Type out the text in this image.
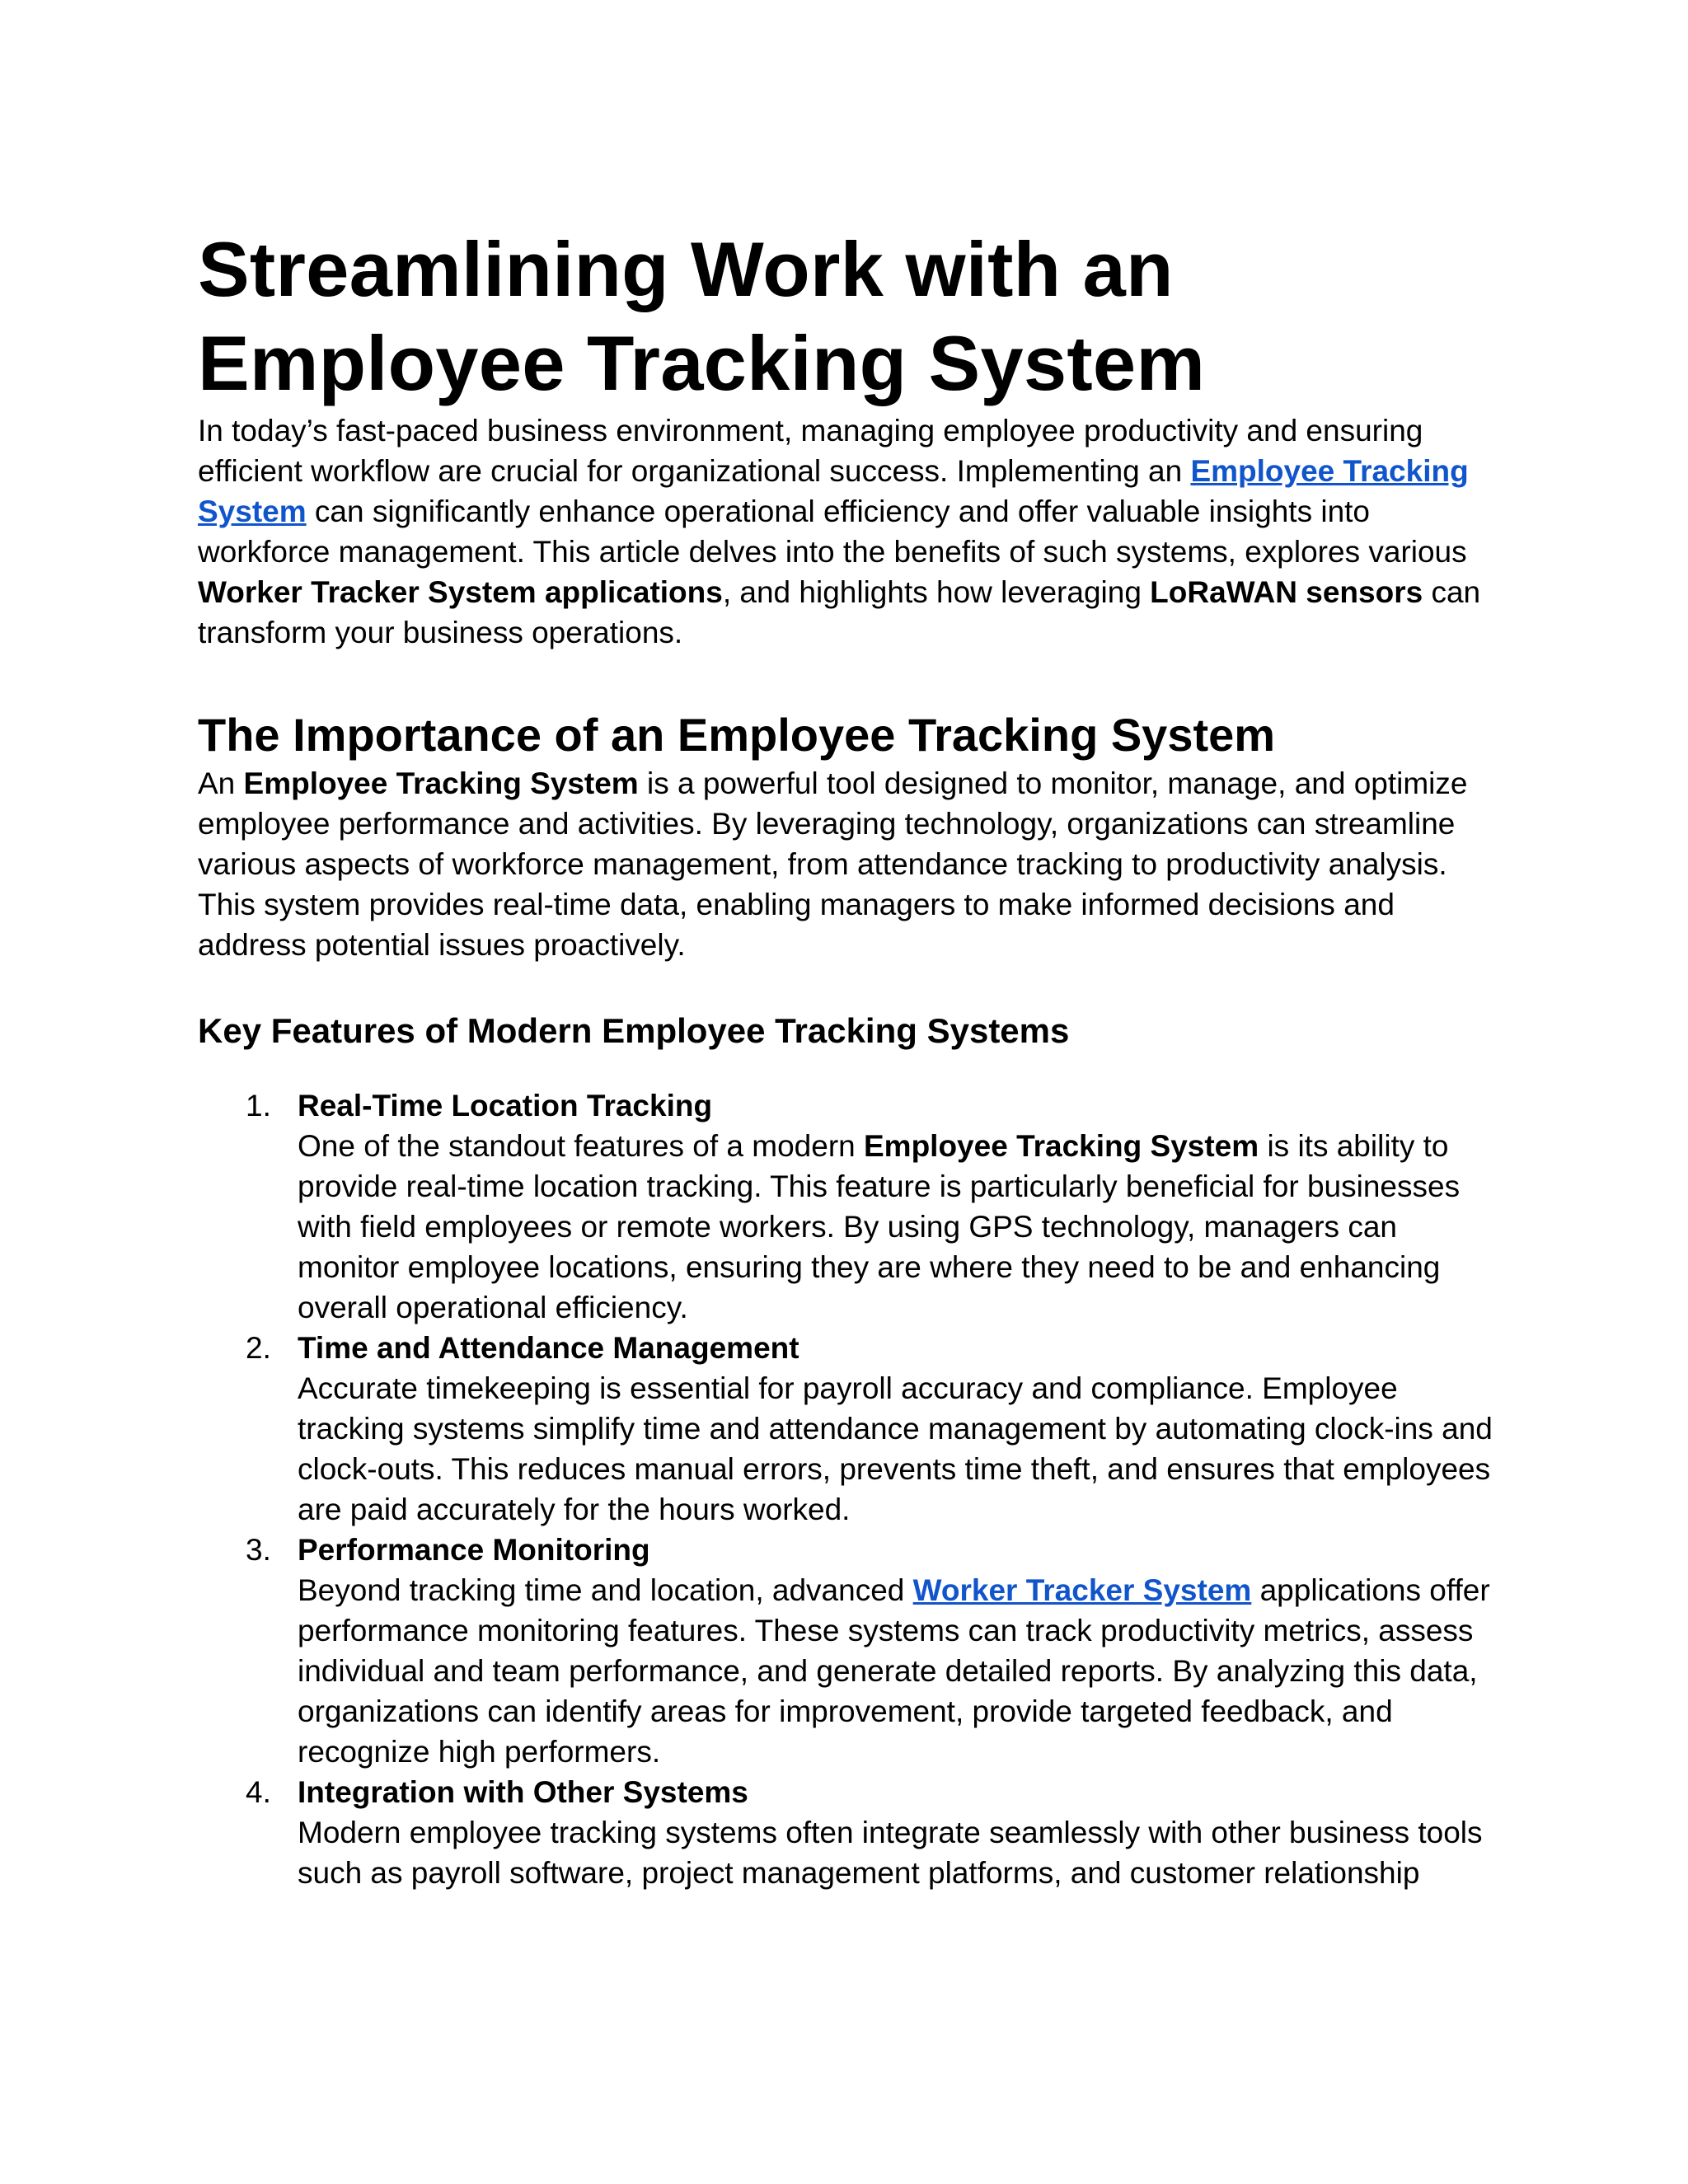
Streamlining Work with an Employee Tracking System

In today’s fast-paced business environment, managing employee productivity and ensuring efficient workflow are crucial for organizational success. Implementing an Employee Tracking System can significantly enhance operational efficiency and offer valuable insights into workforce management. This article delves into the benefits of such systems, explores various Worker Tracker System applications, and highlights how leveraging LoRaWAN sensors can transform your business operations.

The Importance of an Employee Tracking System

An Employee Tracking System is a powerful tool designed to monitor, manage, and optimize employee performance and activities. By leveraging technology, organizations can streamline various aspects of workforce management, from attendance tracking to productivity analysis. This system provides real-time data, enabling managers to make informed decisions and address potential issues proactively.

Key Features of Modern Employee Tracking Systems
1. Real-Time Location Tracking
One of the standout features of a modern Employee Tracking System is its ability to provide real-time location tracking. This feature is particularly beneficial for businesses with field employees or remote workers. By using GPS technology, managers can monitor employee locations, ensuring they are where they need to be and enhancing overall operational efficiency.
2. Time and Attendance Management
Accurate timekeeping is essential for payroll accuracy and compliance. Employee tracking systems simplify time and attendance management by automating clock-ins and clock-outs. This reduces manual errors, prevents time theft, and ensures that employees are paid accurately for the hours worked.
3. Performance Monitoring
Beyond tracking time and location, advanced Worker Tracker System applications offer performance monitoring features. These systems can track productivity metrics, assess individual and team performance, and generate detailed reports. By analyzing this data, organizations can identify areas for improvement, provide targeted feedback, and recognize high performers.
4. Integration with Other Systems
Modern employee tracking systems often integrate seamlessly with other business tools such as payroll software, project management platforms, and customer relationship
